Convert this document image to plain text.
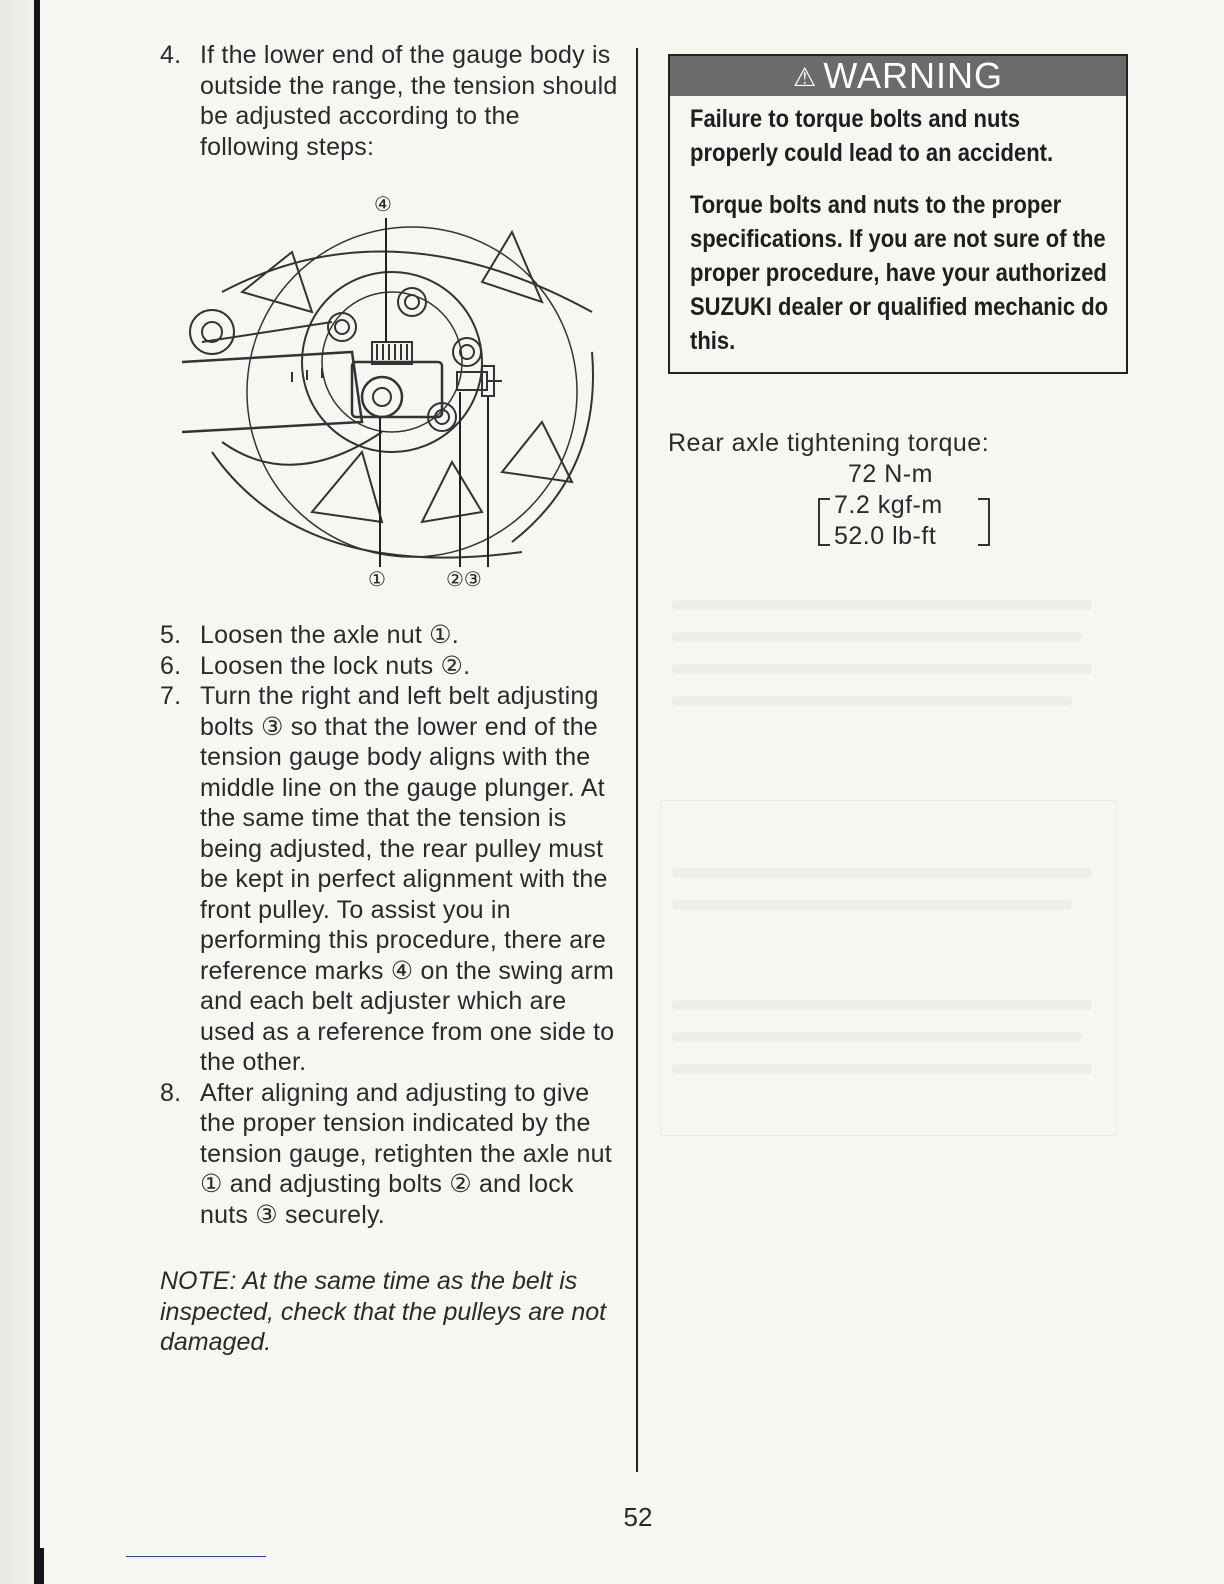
4. If the lower end of the gauge body is outside the range, the tension should be adjusted according to the following steps:
④
①	②③
5. Loosen the axle nut ①.
6. Loosen the lock nuts ②.
7. Turn the right and left belt adjusting bolts ③ so that the lower end of the tension gauge body aligns with the middle line on the gauge plunger. At the same time that the tension is being adjusted, the rear pulley must be kept in perfect alignment with the front pulley. To assist you in performing this procedure, there are reference marks ④ on the swing arm and each belt adjuster which are used as a reference from one side to the other.
8. After aligning and adjusting to give the proper tension indicated by the tension gauge, retighten the axle nut ① and adjusting bolts ② and lock nuts ③ securely.

NOTE: At the same time as the belt is inspected, check that the pulleys are not damaged.

⚠ WARNING

Failure to torque bolts and nuts properly could lead to an accident.

Torque bolts and nuts to the proper specifications. If you are not sure of the proper procedure, have your authorized SUZUKI dealer or qualified mechanic do this.

Rear axle tightening torque:
72 N-m
7.2 kgf-m
52.0 lb-ft
52
